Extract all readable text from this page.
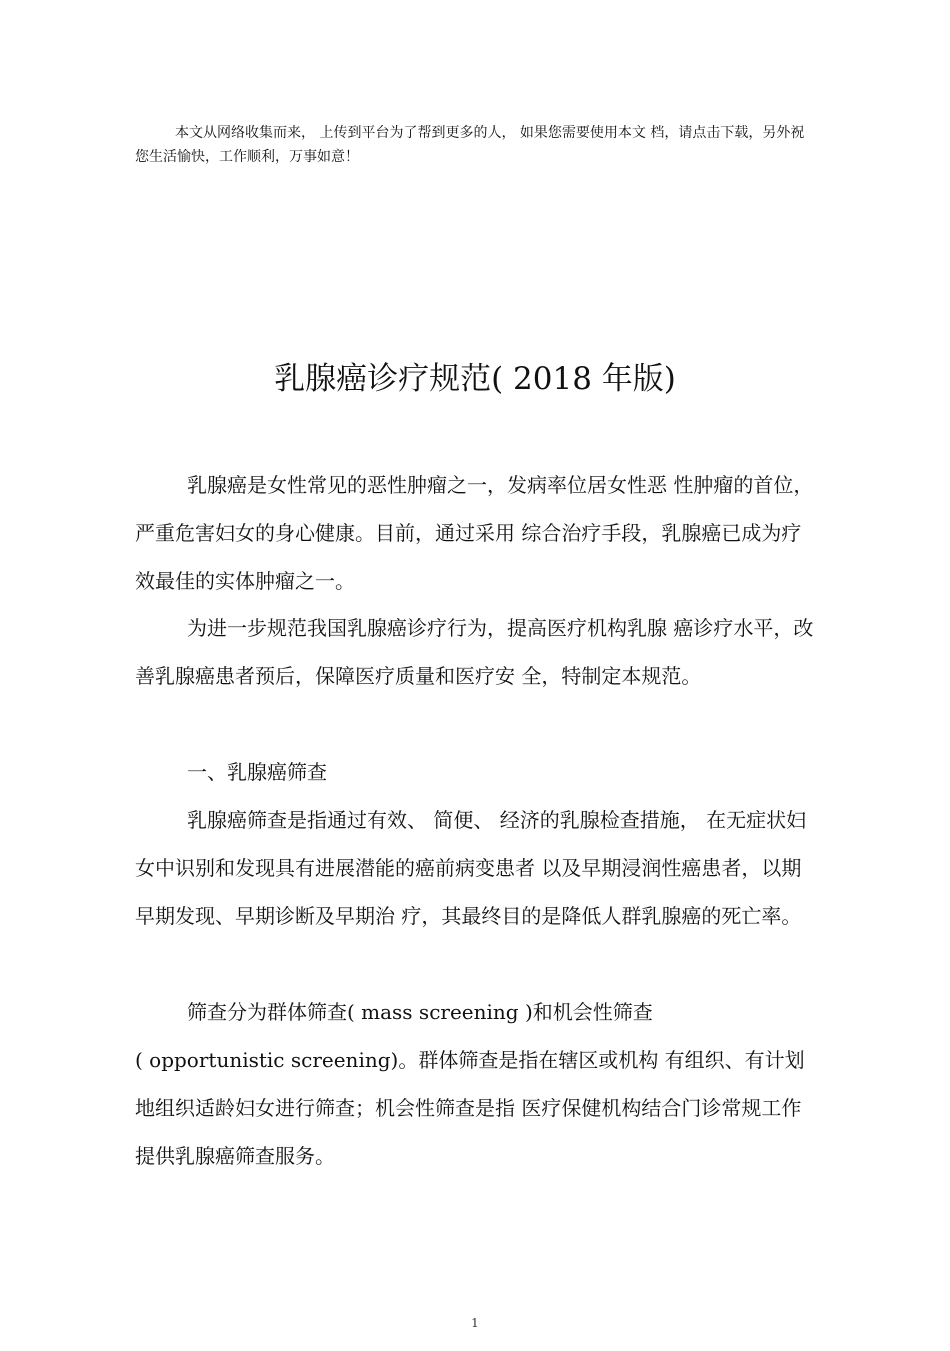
本文从网络收集而来， 上传到平台为了帮到更多的人， 如果您需要使用本文 档，请点击下载，另外祝您生活愉快，工作顺利，万事如意！

乳腺癌诊疗规范( 2018 年版)

乳腺癌是女性常见的恶性肿瘤之一，发病率位居女性恶 性肿瘤的首位，严重危害妇女的身心健康。目前，通过采用 综合治疗手段，乳腺癌已成为疗效最佳的实体肿瘤之一。

为进一步规范我国乳腺癌诊疗行为，提高医疗机构乳腺 癌诊疗水平，改善乳腺癌患者预后，保障医疗质量和医疗安 全，特制定本规范。

一、乳腺癌筛查

乳腺癌筛查是指通过有效、 简便、 经济的乳腺检查措施， 在无症状妇女中识别和发现具有进展潜能的癌前病变患者 以及早期浸润性癌患者，以期早期发现、早期诊断及早期治 疗，其最终目的是降低人群乳腺癌的死亡率。

筛查分为群体筛查( mass screening )和机会性筛查

( opportunistic screening)。群体筛查是指在辖区或机构 有组织、有计划地组织适龄妇女进行筛查；机会性筛查是指 医疗保健机构结合门诊常规工作提供乳腺癌筛查服务。

1
